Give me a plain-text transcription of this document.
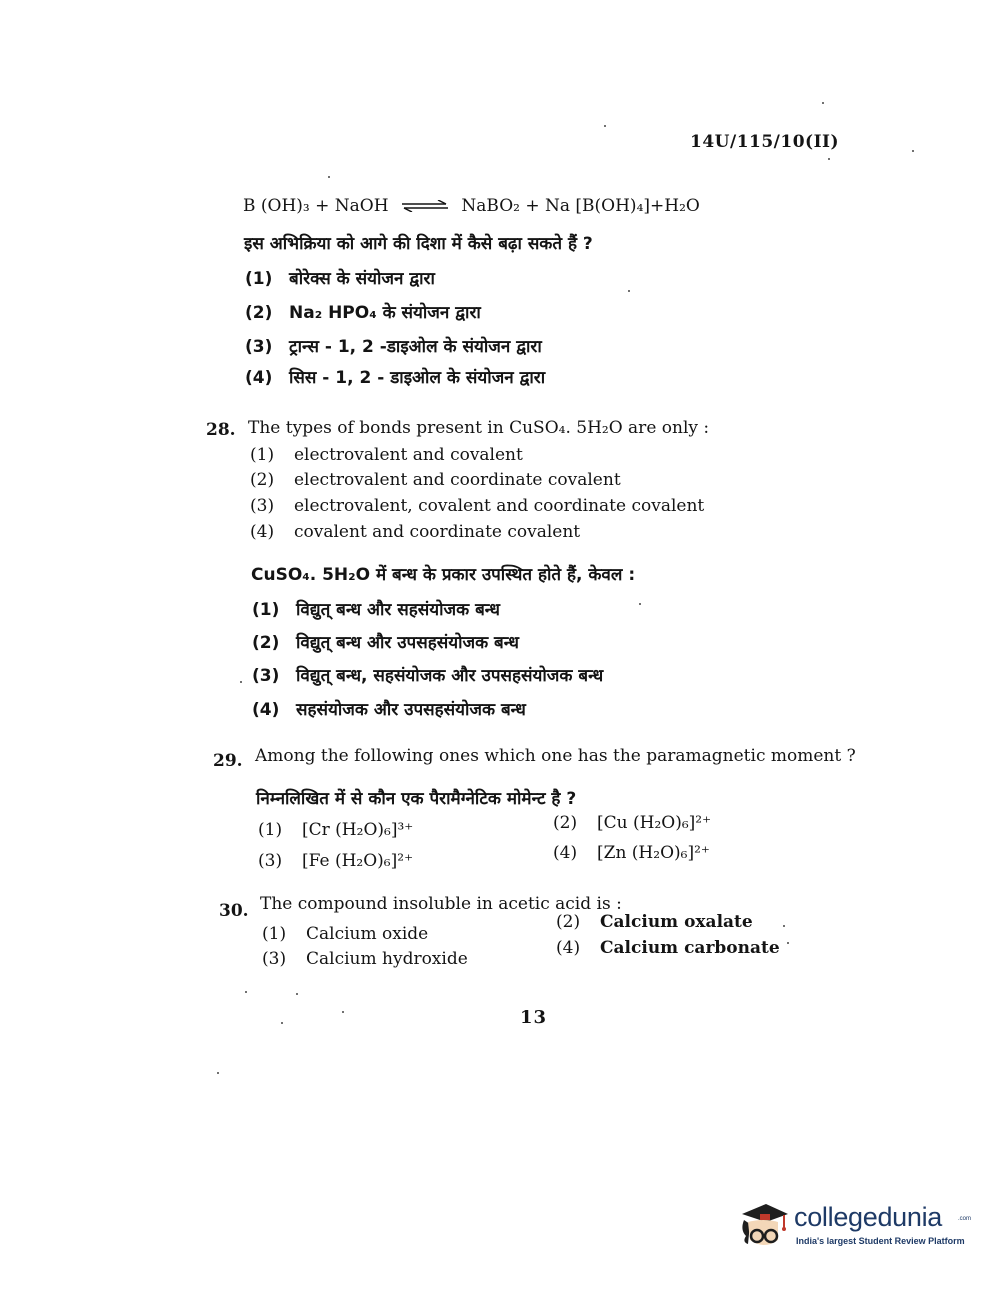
14U/115/10(II)
B (OH)₃ + NaOH ⇌ NaBO₂ + Na [B(OH)₄]+H₂O
इस अभिक्रिया को आगे की दिशा में कैसे बढ़ा सकते हैं ?
(1) बोरेक्स के संयोजन द्वारा
(2) Na₂ HPO₄ के संयोजन द्वारा
(3) ट्रान्स - 1, 2 -डाइओल के संयोजन द्वारा
(4) सिस - 1, 2 - डाइओल के संयोजन द्वारा
28. The types of bonds present in CuSO₄. 5H₂O are only :
(1) electrovalent and covalent
(2) electrovalent and coordinate covalent
(3) electrovalent, covalent and coordinate covalent
(4) covalent and coordinate covalent
CuSO₄. 5H₂O में बन्ध के प्रकार उपस्थित होते हैं, केवल :
(1) विद्युत् बन्ध और सहसंयोजक बन्ध
(2) विद्युत् बन्ध और उपसहसंयोजक बन्ध
(3) विद्युत् बन्ध, सहसंयोजक और उपसहसंयोजक बन्ध
(4) सहसंयोजक और उपसहसंयोजक बन्ध
29. Among the following ones which one has the paramagnetic moment ?
निम्नलिखित में से कौन एक पैरामैग्नेटिक मोमेन्ट है ?
(1) [Cr (H₂O)₆]³⁺	(2) [Cu (H₂O)₆]²⁺
(3) [Fe (H₂O)₆]²⁺	(4) [Zn (H₂O)₆]²⁺
30. The compound insoluble in acetic acid is :
(1) Calcium oxide
(2) Calcium oxalate
(3) Calcium hydroxide
(4) Calcium carbonate
13
collegedunia	.com
India's largest Student Review Platform
